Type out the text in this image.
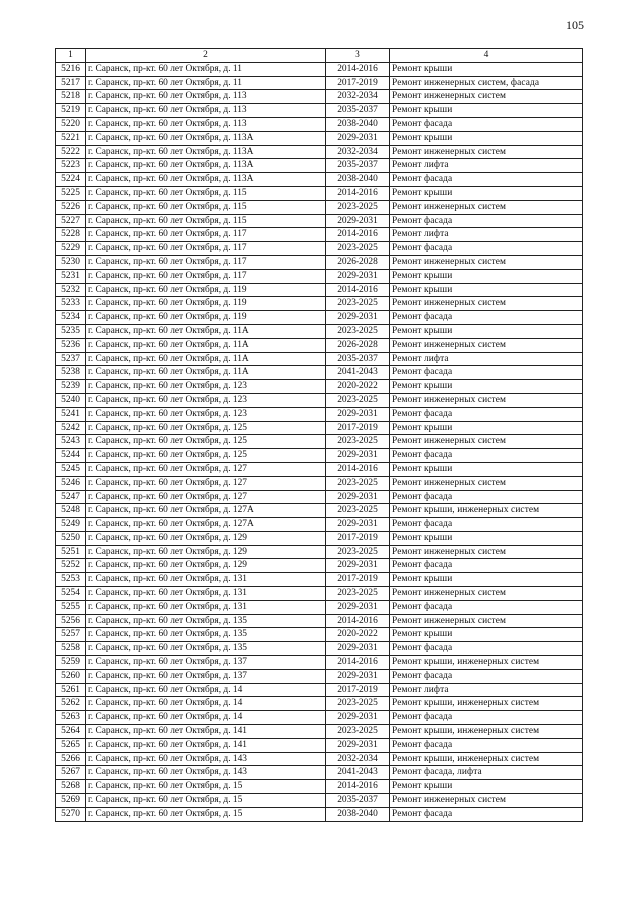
105
1	2	3	4
5216	г. Саранск, пр-кт. 60 лет Октября, д. 11	2014-2016	Ремонт крыши
5217	г. Саранск, пр-кт. 60 лет Октября, д. 11	2017-2019	Ремонт инженерных систем, фасада
5218	г. Саранск, пр-кт. 60 лет Октября, д. 113	2032-2034	Ремонт инженерных систем
5219	г. Саранск, пр-кт. 60 лет Октября, д. 113	2035-2037	Ремонт крыши
5220	г. Саранск, пр-кт. 60 лет Октября, д. 113	2038-2040	Ремонт фасада
5221	г. Саранск, пр-кт. 60 лет Октября, д. 113А	2029-2031	Ремонт крыши
5222	г. Саранск, пр-кт. 60 лет Октября, д. 113А	2032-2034	Ремонт инженерных систем
5223	г. Саранск, пр-кт. 60 лет Октября, д. 113А	2035-2037	Ремонт лифта
5224	г. Саранск, пр-кт. 60 лет Октября, д. 113А	2038-2040	Ремонт фасада
5225	г. Саранск, пр-кт. 60 лет Октября, д. 115	2014-2016	Ремонт крыши
5226	г. Саранск, пр-кт. 60 лет Октября, д. 115	2023-2025	Ремонт инженерных систем
5227	г. Саранск, пр-кт. 60 лет Октября, д. 115	2029-2031	Ремонт фасада
5228	г. Саранск, пр-кт. 60 лет Октября, д. 117	2014-2016	Ремонт лифта
5229	г. Саранск, пр-кт. 60 лет Октября, д. 117	2023-2025	Ремонт фасада
5230	г. Саранск, пр-кт. 60 лет Октября, д. 117	2026-2028	Ремонт инженерных систем
5231	г. Саранск, пр-кт. 60 лет Октября, д. 117	2029-2031	Ремонт крыши
5232	г. Саранск, пр-кт. 60 лет Октября, д. 119	2014-2016	Ремонт крыши
5233	г. Саранск, пр-кт. 60 лет Октября, д. 119	2023-2025	Ремонт инженерных систем
5234	г. Саранск, пр-кт. 60 лет Октября, д. 119	2029-2031	Ремонт фасада
5235	г. Саранск, пр-кт. 60 лет Октября, д. 11А	2023-2025	Ремонт крыши
5236	г. Саранск, пр-кт. 60 лет Октября, д. 11А	2026-2028	Ремонт инженерных систем
5237	г. Саранск, пр-кт. 60 лет Октября, д. 11А	2035-2037	Ремонт лифта
5238	г. Саранск, пр-кт. 60 лет Октября, д. 11А	2041-2043	Ремонт фасада
5239	г. Саранск, пр-кт. 60 лет Октября, д. 123	2020-2022	Ремонт крыши
5240	г. Саранск, пр-кт. 60 лет Октября, д. 123	2023-2025	Ремонт инженерных систем
5241	г. Саранск, пр-кт. 60 лет Октября, д. 123	2029-2031	Ремонт фасада
5242	г. Саранск, пр-кт. 60 лет Октября, д. 125	2017-2019	Ремонт крыши
5243	г. Саранск, пр-кт. 60 лет Октября, д. 125	2023-2025	Ремонт инженерных систем
5244	г. Саранск, пр-кт. 60 лет Октября, д. 125	2029-2031	Ремонт фасада
5245	г. Саранск, пр-кт. 60 лет Октября, д. 127	2014-2016	Ремонт крыши
5246	г. Саранск, пр-кт. 60 лет Октября, д. 127	2023-2025	Ремонт инженерных систем
5247	г. Саранск, пр-кт. 60 лет Октября, д. 127	2029-2031	Ремонт фасада
5248	г. Саранск, пр-кт. 60 лет Октября, д. 127А	2023-2025	Ремонт крыши, инженерных систем
5249	г. Саранск, пр-кт. 60 лет Октября, д. 127А	2029-2031	Ремонт фасада
5250	г. Саранск, пр-кт. 60 лет Октября, д. 129	2017-2019	Ремонт крыши
5251	г. Саранск, пр-кт. 60 лет Октября, д. 129	2023-2025	Ремонт инженерных систем
5252	г. Саранск, пр-кт. 60 лет Октября, д. 129	2029-2031	Ремонт фасада
5253	г. Саранск, пр-кт. 60 лет Октября, д. 131	2017-2019	Ремонт крыши
5254	г. Саранск, пр-кт. 60 лет Октября, д. 131	2023-2025	Ремонт инженерных систем
5255	г. Саранск, пр-кт. 60 лет Октября, д. 131	2029-2031	Ремонт фасада
5256	г. Саранск, пр-кт. 60 лет Октября, д. 135	2014-2016	Ремонт инженерных систем
5257	г. Саранск, пр-кт. 60 лет Октября, д. 135	2020-2022	Ремонт крыши
5258	г. Саранск, пр-кт. 60 лет Октября, д. 135	2029-2031	Ремонт фасада
5259	г. Саранск, пр-кт. 60 лет Октября, д. 137	2014-2016	Ремонт крыши, инженерных систем
5260	г. Саранск, пр-кт. 60 лет Октября, д. 137	2029-2031	Ремонт фасада
5261	г. Саранск, пр-кт. 60 лет Октября, д. 14	2017-2019	Ремонт лифта
5262	г. Саранск, пр-кт. 60 лет Октября, д. 14	2023-2025	Ремонт крыши, инженерных систем
5263	г. Саранск, пр-кт. 60 лет Октября, д. 14	2029-2031	Ремонт фасада
5264	г. Саранск, пр-кт. 60 лет Октября, д. 141	2023-2025	Ремонт крыши, инженерных систем
5265	г. Саранск, пр-кт. 60 лет Октября, д. 141	2029-2031	Ремонт фасада
5266	г. Саранск, пр-кт. 60 лет Октября, д. 143	2032-2034	Ремонт крыши, инженерных систем
5267	г. Саранск, пр-кт. 60 лет Октября, д. 143	2041-2043	Ремонт фасада, лифта
5268	г. Саранск, пр-кт. 60 лет Октября, д. 15	2014-2016	Ремонт крыши
5269	г. Саранск, пр-кт. 60 лет Октября, д. 15	2035-2037	Ремонт инженерных систем
5270	г. Саранск, пр-кт. 60 лет Октября, д. 15	2038-2040	Ремонт фасада
